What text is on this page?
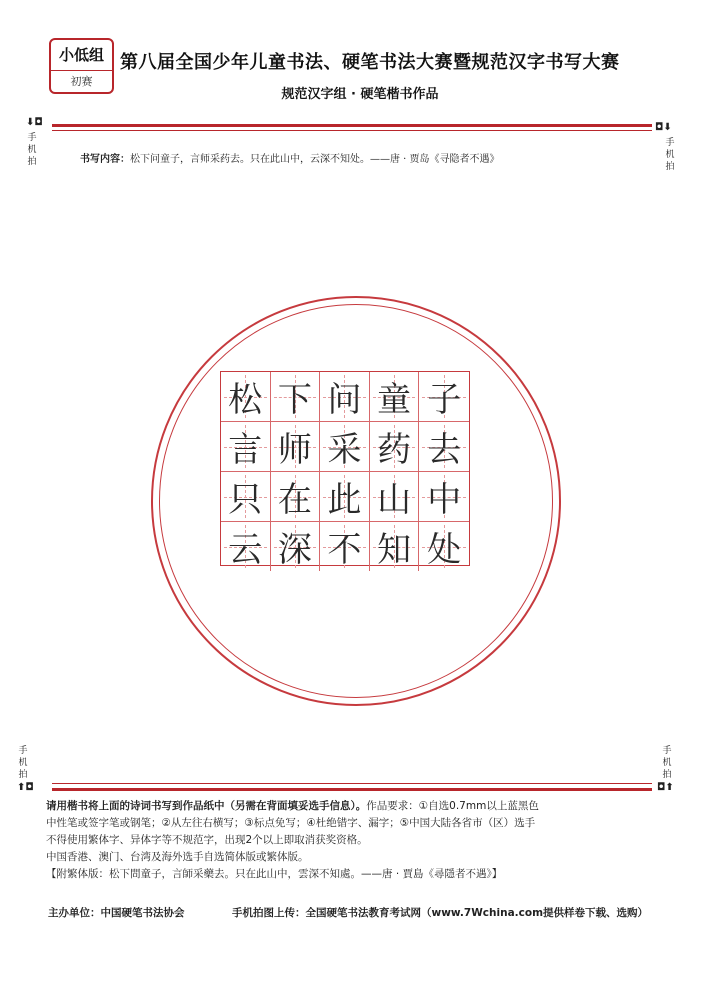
小低组
初赛
第八届全国少年儿童书法、硬笔书法大赛暨规范汉字书写大赛
规范汉字组 · 硬笔楷书作品
⬇◘
手机拍
◘⬇
手机拍
书写内容：松下问童子，言师采药去。只在此山中，云深不知处。——唐 · 贾岛《寻隐者不遇》
松 下 问 童 子
言 师 采 药 去
只 在 此 山 中
云 深 不 知 处
手机拍
⬆◘
手机拍
◘⬆

请用楷书将上面的诗词书写到作品纸中（另需在背面填妥选手信息）。作品要求：①自选0.7mm以上蓝黑色

中性笔或签字笔或钢笔；②从左往右横写；③标点免写；④杜绝错字、漏字；⑤中国大陆各省市（区）选手

不得使用繁体字、异体字等不规范字，出现2个以上即取消获奖资格。

中国香港、澳门、台湾及海外选手自选简体版或繁体版。

【附繁体版：松下問童子，言師采藥去。只在此山中，雲深不知處。——唐 · 賈島《尋隱者不遇》】

主办单位：中国硬笔书法协会	手机拍图上传：全国硬笔书法教育考试网（www.7Wchina.com提供样卷下载、选购）
